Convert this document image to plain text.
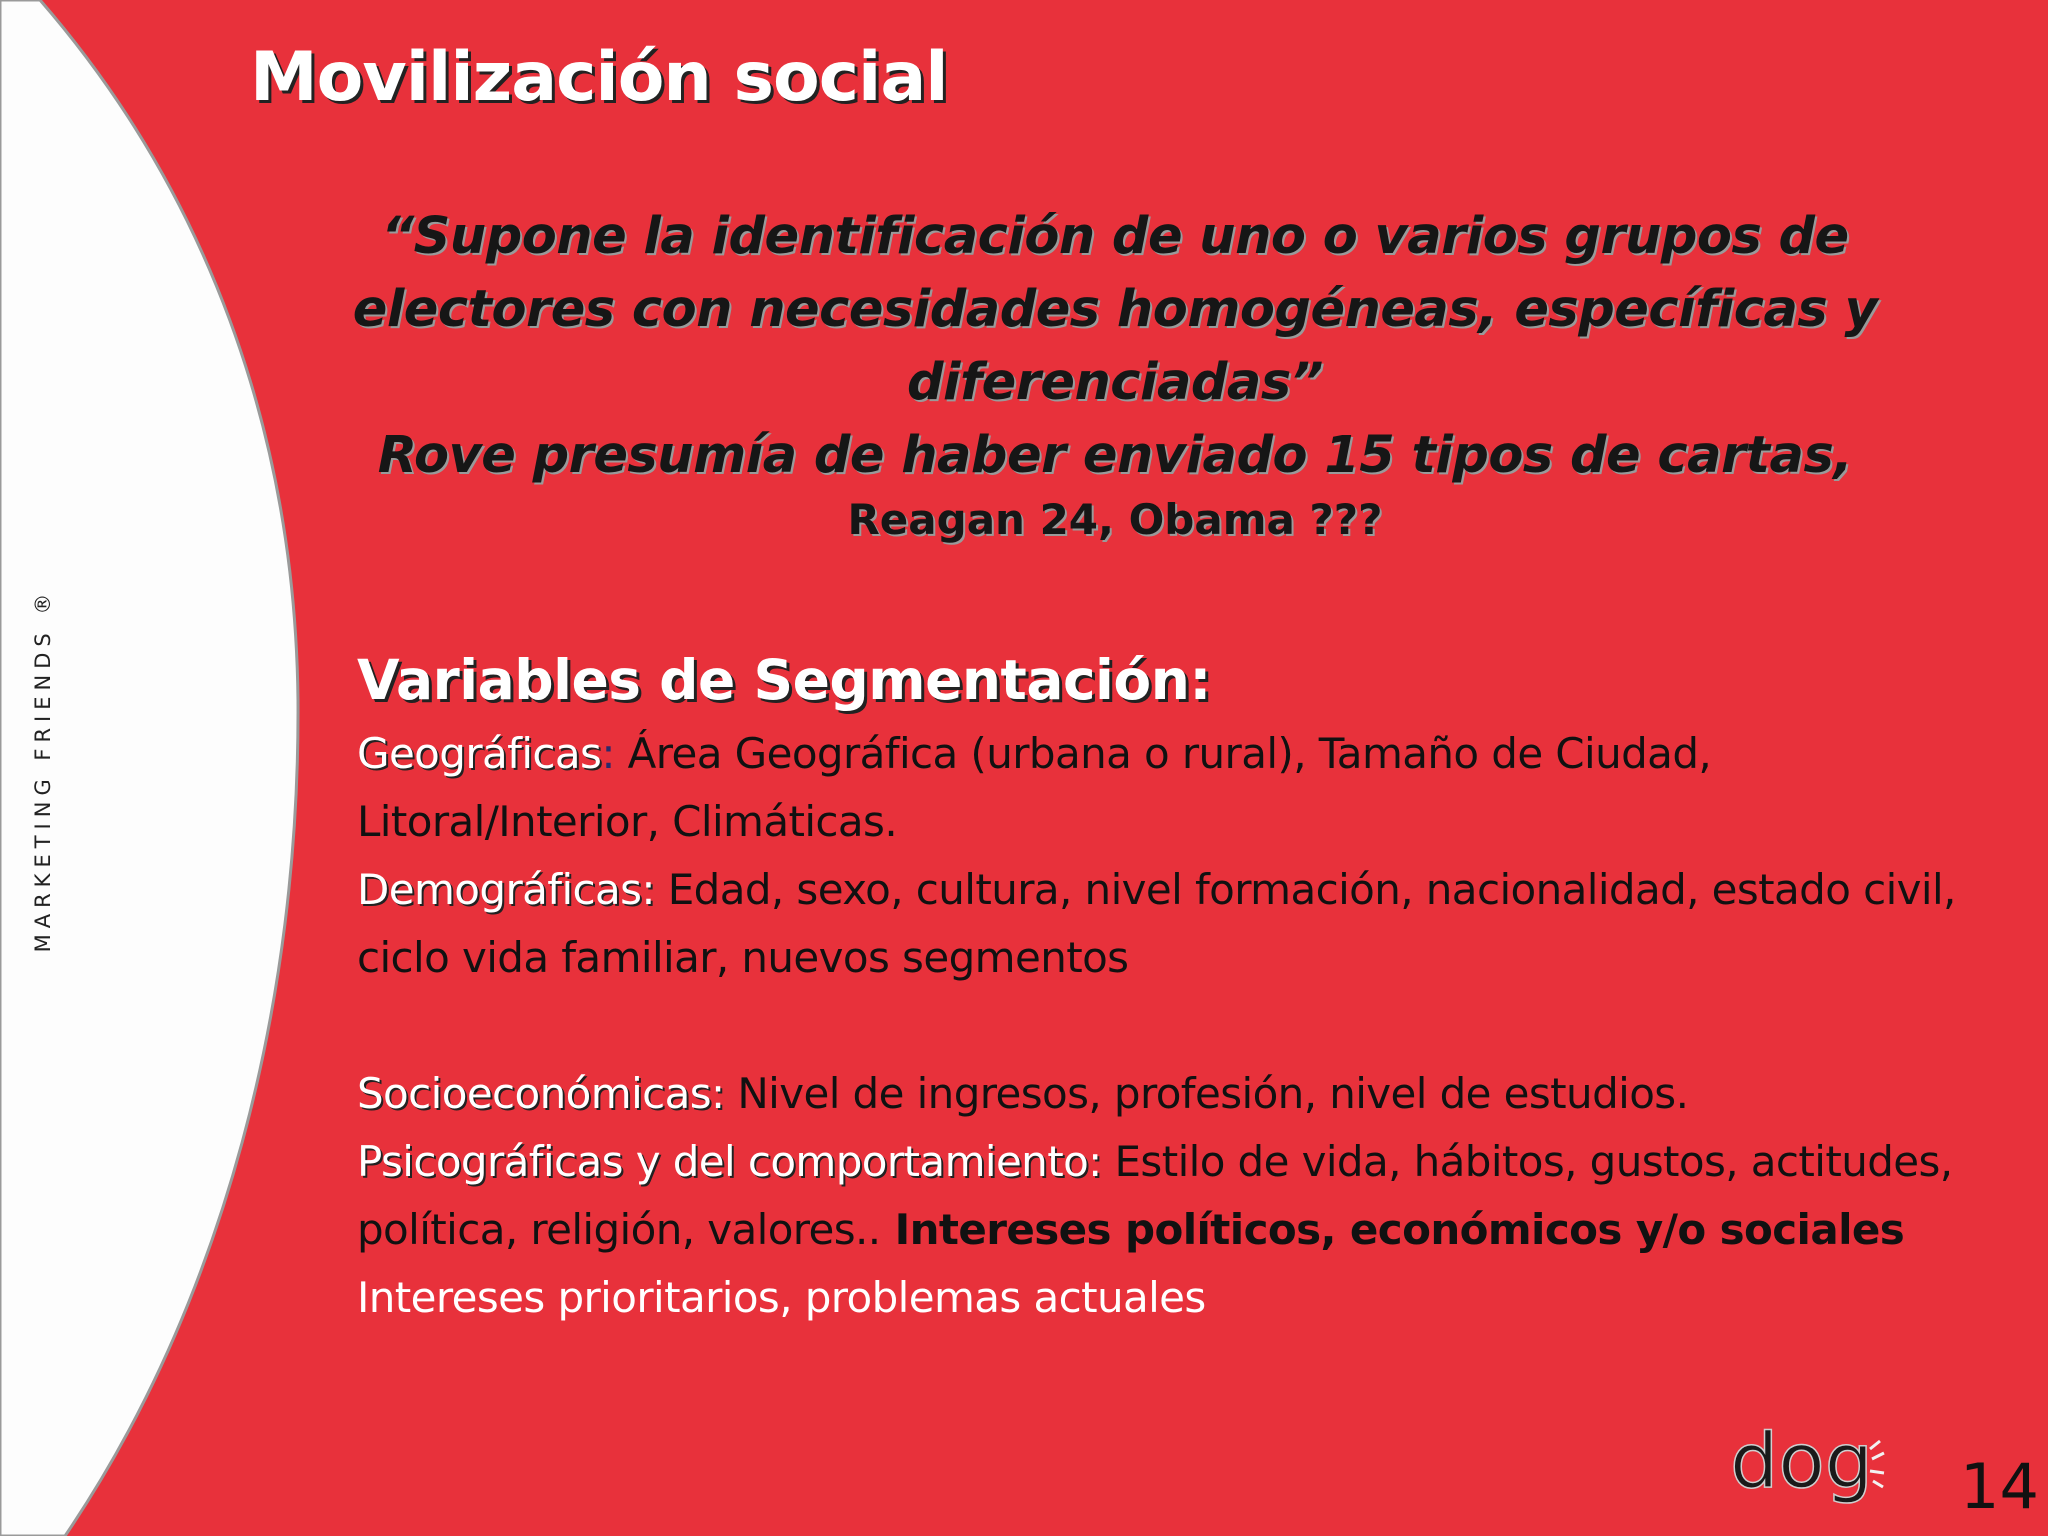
MARKETING FRIENDS ®
Movilización social
“Supone la identificación de uno o varios grupos de
electores con necesidades homogéneas, específicas y
diferenciadas”
Rove presumía de haber enviado 15 tipos de cartas,
Reagan 24, Obama ???
Variables de Segmentación:
Geográficas: Área Geográfica (urbana o rural), Tamaño de Ciudad, Litoral/Interior, Climáticas.
Demográficas: Edad, sexo, cultura, nivel formación, nacionalidad, estado civil, ciclo vida familiar, nuevos segmentos
Socioeconómicas: Nivel de ingresos, profesión, nivel de estudios.
Psicográficas y del comportamiento: Estilo de vida, hábitos, gustos, actitudes, política, religión, valores.. Intereses políticos, económicos y/o sociales
Intereses prioritarios, problemas actuales
dog 14
